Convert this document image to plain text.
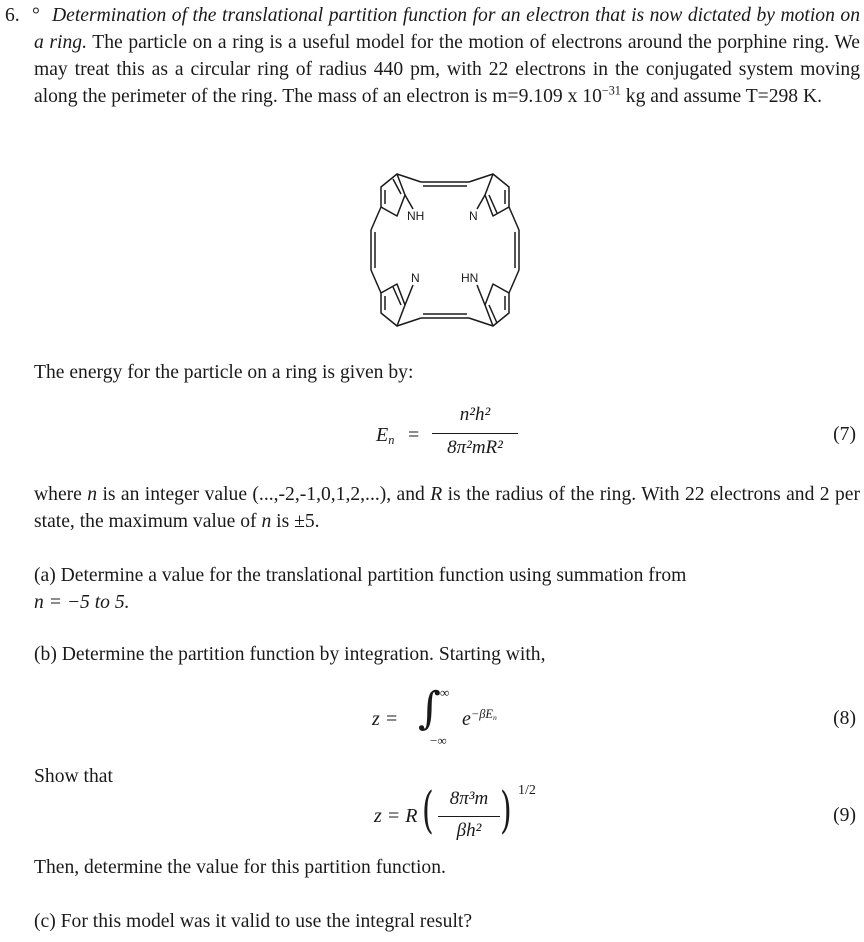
6. ° Determination of the translational partition function for an electron that is now dictated by motion on a ring. The particle on a ring is a useful model for the motion of electrons around the porphine ring. We may treat this as a circular ring of radius 440 pm, with 22 electrons in the conjugated system moving along the perimeter of the ring. The mass of an electron is m=9.109 x $10^{-31}$ kg and assume T=298 K.
NH	N
N	HN
The energy for the particle on a ring is given by:
$E_n$ =
n²h²
8π²mR²
(7)
where n is an integer value (...,-2,-1,0,1,2,...), and R is the radius of the ring. With 22 electrons and 2 per state, the maximum value of n is ±5.
(a) Determine a value for the translational partition function using summation from
n = −5 to 5.
(b) Determine the partition function by integration. Starting with,
z = ∫ ∞
−∞
$e^{-\beta E_n}$	(8)
Show that
z = R ( 8π³m
βh² ) 1/2
(9)
Then, determine the value for this partition function.
(c) For this model was it valid to use the integral result?
